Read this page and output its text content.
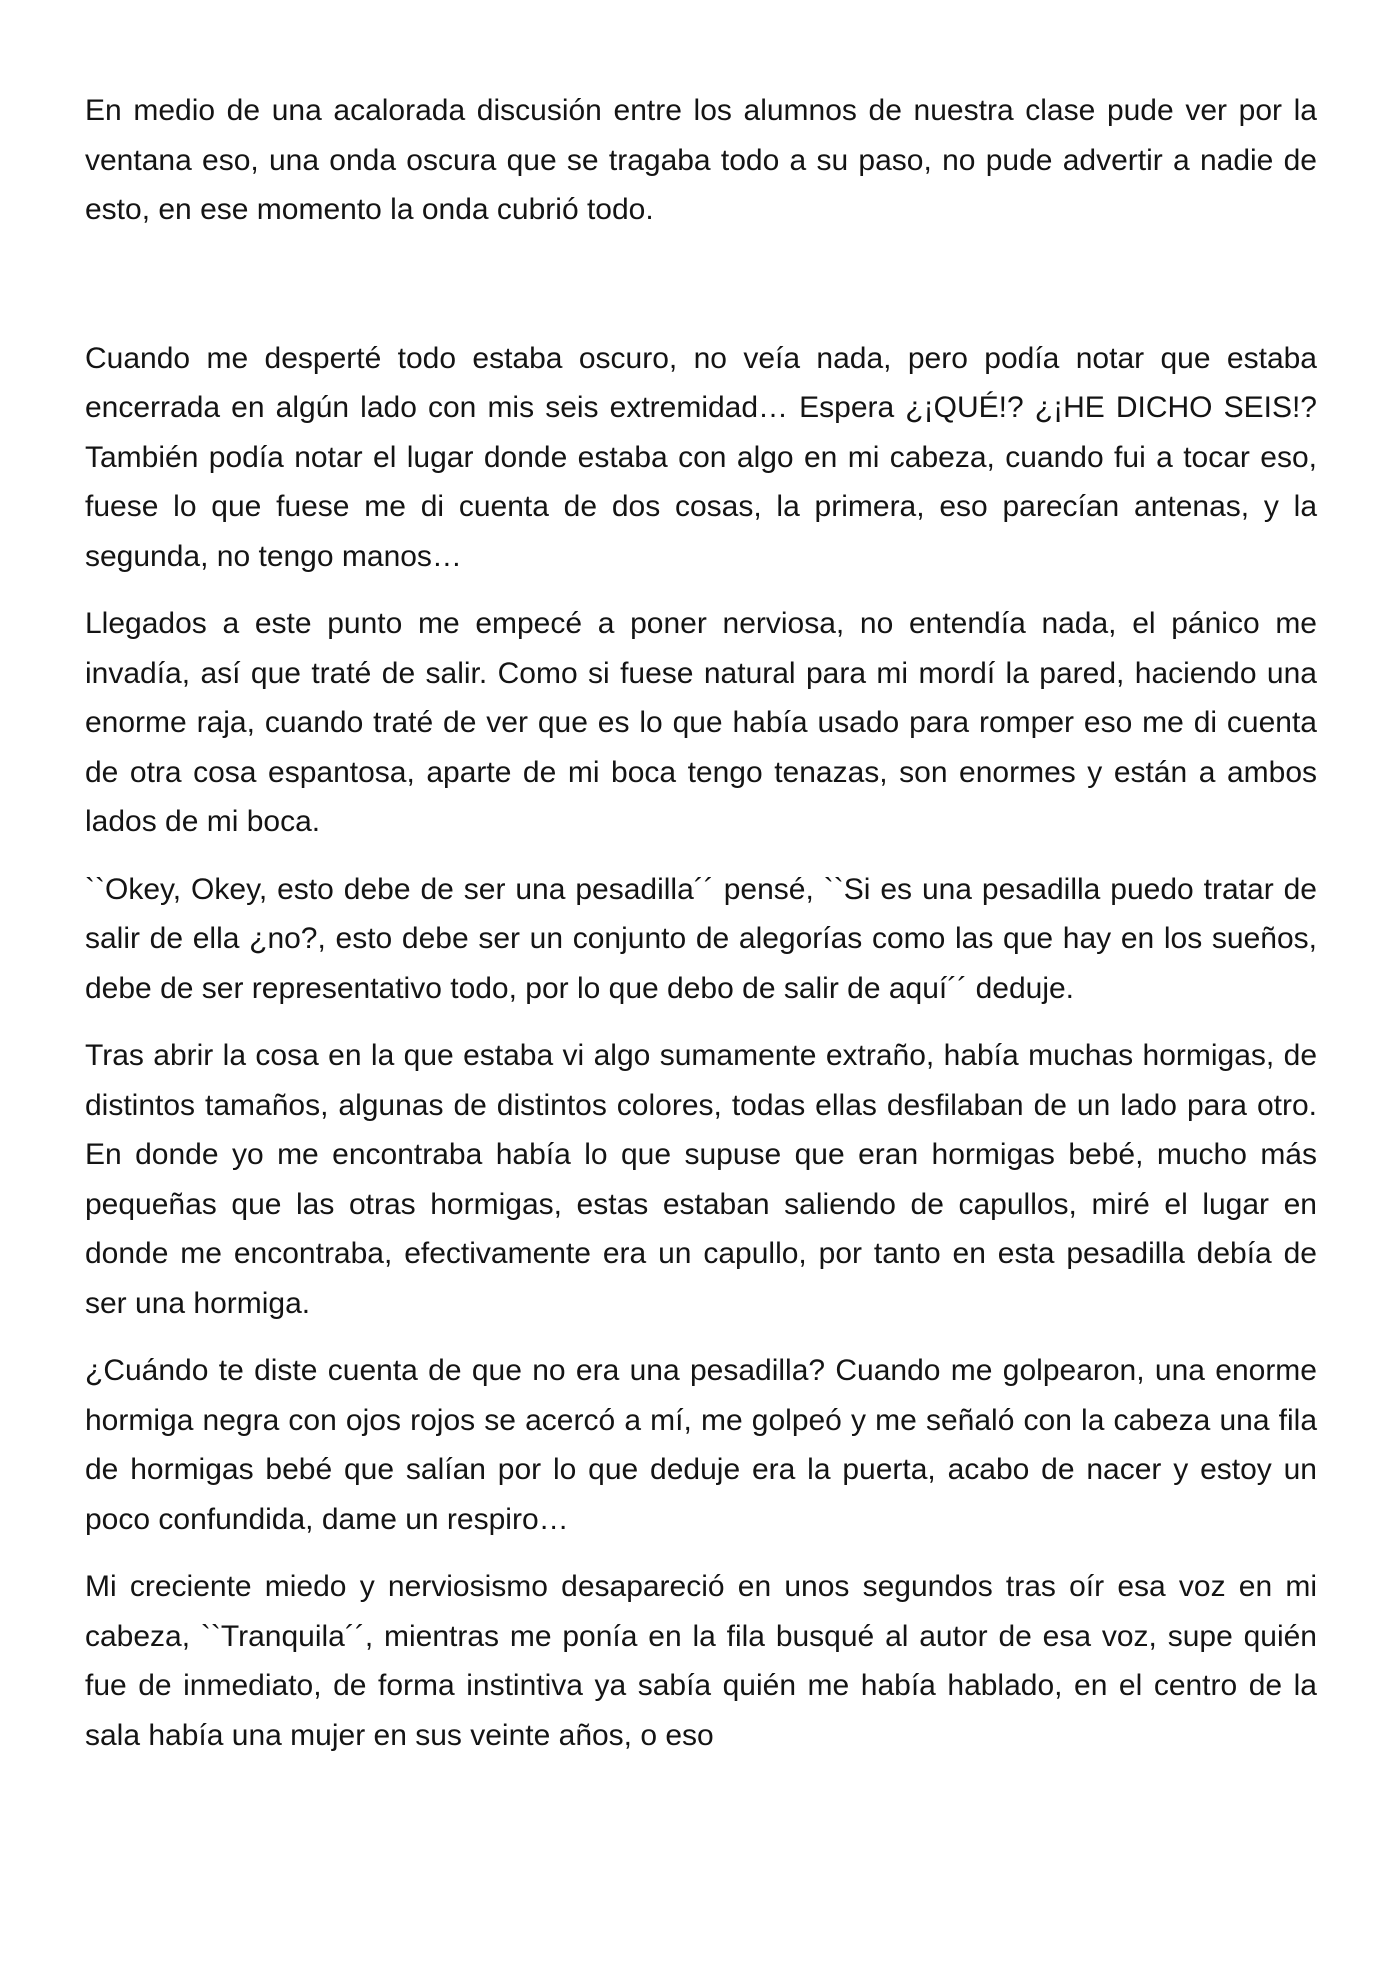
En medio de una acalorada discusión entre los alumnos de nuestra clase pude ver por la ventana eso, una onda oscura que se tragaba todo a su paso, no pude advertir a nadie de esto, en ese momento la onda cubrió todo.

Cuando me desperté todo estaba oscuro, no veía nada, pero podía notar que estaba encerrada en algún lado con mis seis extremidad… Espera ¿¡QUÉ!? ¿¡HE DICHO SEIS!? También podía notar el lugar donde estaba con algo en mi cabeza, cuando fui a tocar eso, fuese lo que fuese me di cuenta de dos cosas, la primera, eso parecían antenas, y la segunda, no tengo manos…

Llegados a este punto me empecé a poner nerviosa, no entendía nada, el pánico me invadía, así que traté de salir. Como si fuese natural para mi mordí la pared, haciendo una enorme raja, cuando traté de ver que es lo que había usado para romper eso me di cuenta de otra cosa espantosa, aparte de mi boca tengo tenazas, son enormes y están a ambos lados de mi boca.

``Okey, Okey, esto debe de ser una pesadilla´´ pensé, ``Si es una pesadilla puedo tratar de salir de ella ¿no?, esto debe ser un conjunto de alegorías como las que hay en los sueños, debe de ser representativo todo, por lo que debo de salir de aquí´´ deduje.

Tras abrir la cosa en la que estaba vi algo sumamente extraño, había muchas hormigas, de distintos tamaños, algunas de distintos colores, todas ellas desfilaban de un lado para otro. En donde yo me encontraba había lo que supuse que eran hormigas bebé, mucho más pequeñas que las otras hormigas, estas estaban saliendo de capullos, miré el lugar en donde me encontraba, efectivamente era un capullo, por tanto en esta pesadilla debía de ser una hormiga.

¿Cuándo te diste cuenta de que no era una pesadilla? Cuando me golpearon, una enorme hormiga negra con ojos rojos se acercó a mí, me golpeó y me señaló con la cabeza una fila de hormigas bebé que salían por lo que deduje era la puerta, acabo de nacer y estoy un poco confundida, dame un respiro…

Mi creciente miedo y nerviosismo desapareció en unos segundos tras oír esa voz en mi cabeza, ``Tranquila´´, mientras me ponía en la fila busqué al autor de esa voz, supe quién fue de inmediato, de forma instintiva ya sabía quién me había hablado, en el centro de la sala había una mujer en sus veinte años, o eso
